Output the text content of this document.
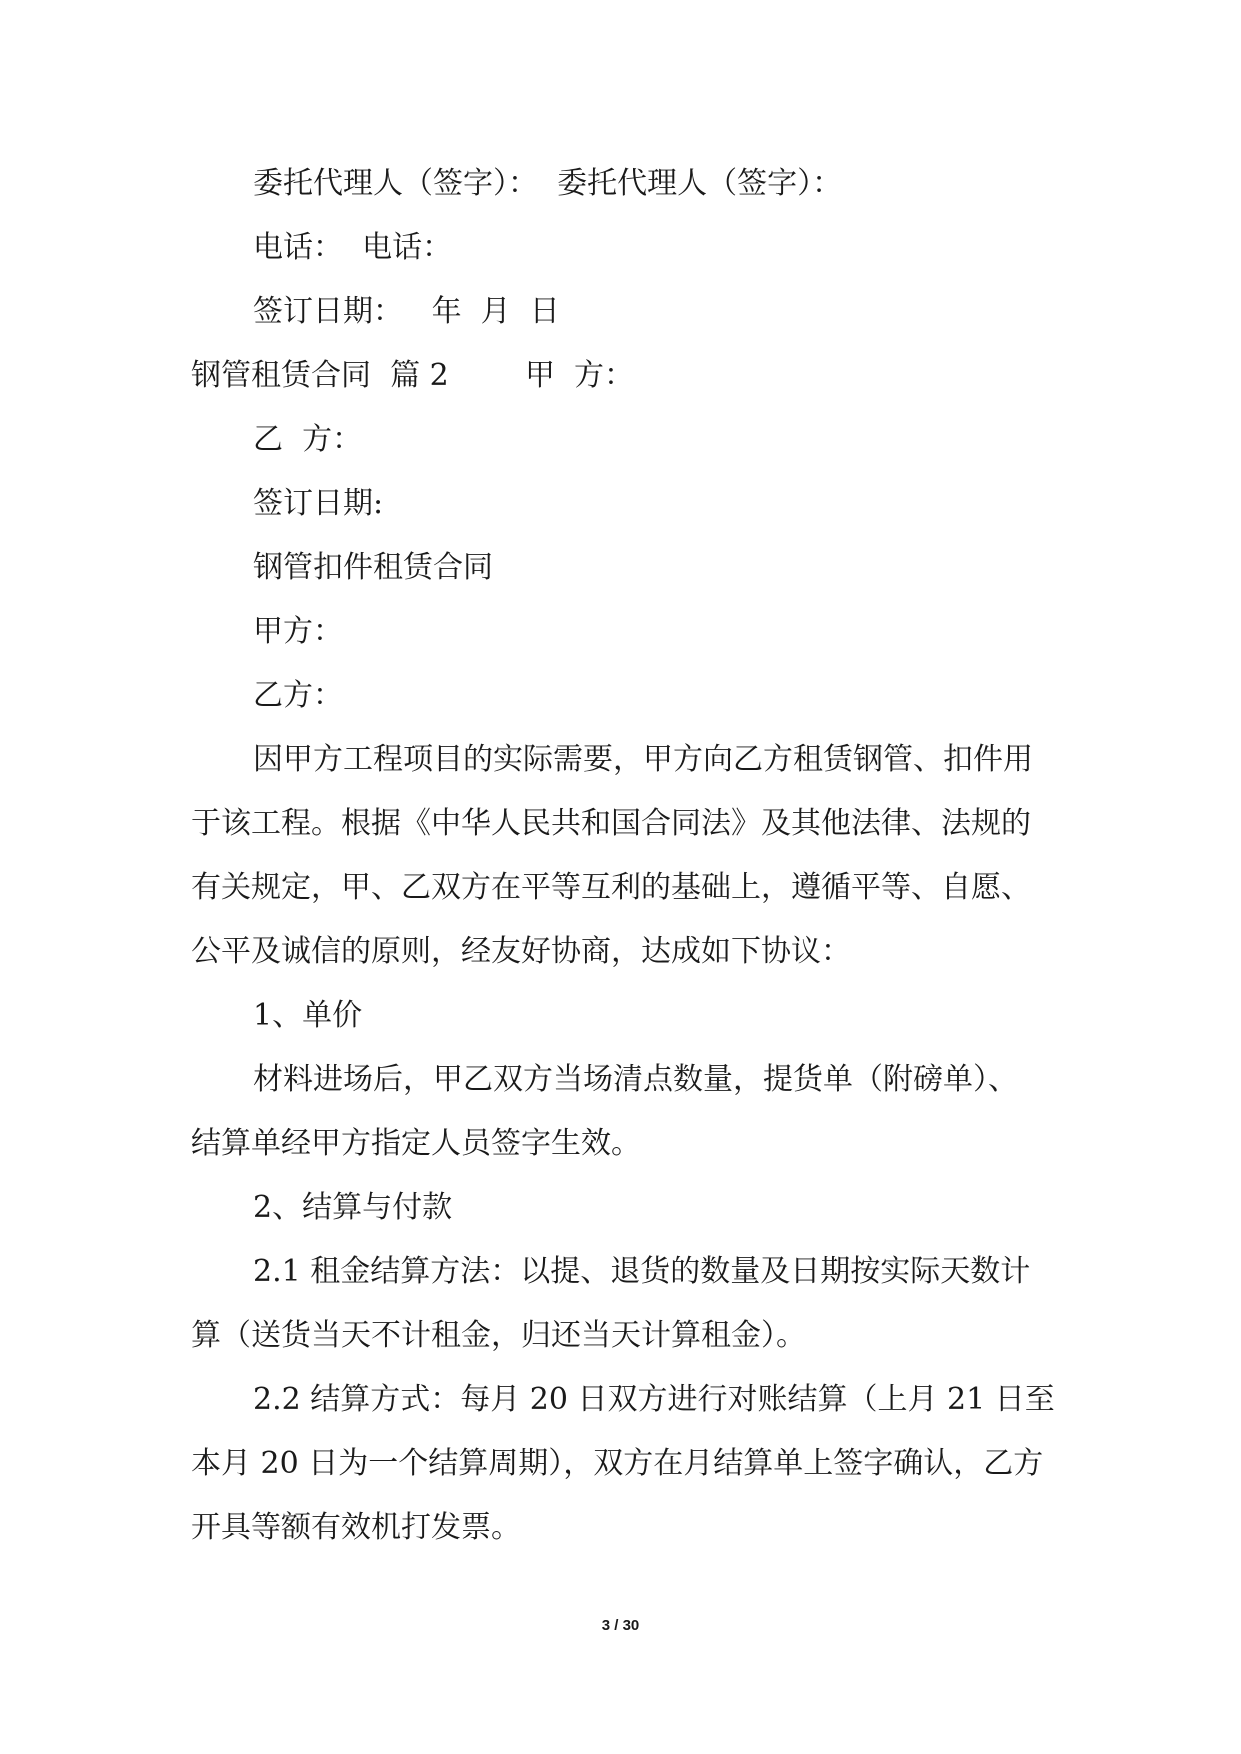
委托代理人（签字）：  委托代理人（签字）：
电话：  电话：
签订日期：   年  月  日
钢管租赁合同  篇 2        甲  方：
乙  方：
签订日期:
钢管扣件租赁合同
甲方：
乙方：
因甲方工程项目的实际需要，甲方向乙方租赁钢管、扣件用
于该工程。根据《中华人民共和国合同法》及其他法律、法规的
有关规定，甲、乙双方在平等互利的基础上，遵循平等、自愿、
公平及诚信的原则，经友好协商，达成如下协议：
1、单价
材料进场后，甲乙双方当场清点数量，提货单（附磅单）、
结算单经甲方指定人员签字生效。
2、结算与付款
2.1 租金结算方法：以提、退货的数量及日期按实际天数计
算（送货当天不计租金，归还当天计算租金）。
2.2 结算方式：每月 20 日双方进行对账结算（上月 21 日至
本月 20 日为一个结算周期），双方在月结算单上签字确认，乙方
开具等额有效机打发票。
3 / 30
